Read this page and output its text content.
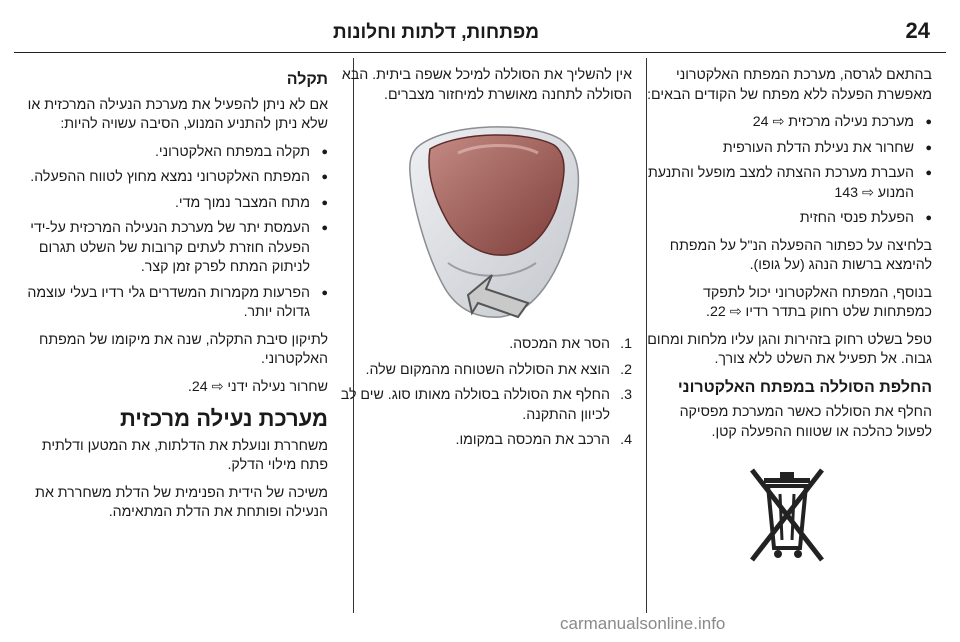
24
מפתחות, דלתות וחלונות

בהתאם לגרסה, מערכת המפתח האלקטרוני מאפשרת הפעלה ללא מפתח של הקודים הבאים:

● מערכת נעילה מרכזית ⇨ 24
● שחרור את נעילת הדלת העורפית
● העברת מערכת ההצתה למצב מופעל והתנעת המנוע ⇨ 143
● הפעלת פנסי החזית

בלחיצה על כפתור ההפעלה הנ"ל על המפתח להימצא ברשות הנהג (על גופו).

בנוסף, המפתח האלקטרוני יכול לתפקד כמפתחות שלט רחוק בתדר רדיו ⇨ 22.

טפל בשלט רחוק בזהירות והגן עליו מלחות ומחום גבוה. אל תפעיל את השלט ללא צורך.

החלפת הסוללה במפתח האלקטרוני

החלף את הסוללה כאשר המערכת מפסיקה לפעול כהלכה או שטווח ההפעלה קטן.

אין להשליך את הסוללה למיכל אשפה ביתית. הבא הסוללה לתחנה מאושרת למיחזור מצברים.

1.
הסר את המכסה.
2.
הוצא את הסוללה השטוחה מהמקום שלה.
3.
החלף את הסוללה בסוללה מאותו סוג. שים לב לכיוון ההתקנה.
4.
הרכב את המכסה במקומו.
תקלה

אם לא ניתן להפעיל את מערכת הנעילה המרכזית או שלא ניתן להתניע המנוע, הסיבה עשויה להיות:

● תקלה במפתח האלקטרוני.
● המפתח האלקטרוני נמצא מחוץ לטווח ההפעלה.
● מתח המצבר נמוך מדי.
● העמסת יתר של מערכת הנעילה המרכזית על-ידי הפעלה חוזרת לעתים קרובות של השלט תגרום לניתוק המתח לפרק זמן קצר.
● הפרעות מקמרות המשדרים גלי רדיו בעלי עוצמה גדולה יותר.

לתיקון סיבת התקלה, שנה את מיקומו של המפתח האלקטרוני.

שחרור נעילה ידני ⇨ 24.

מערכת נעילה מרכזית

משחררת ונועלת את הדלתות, את המטען ודלתית פתח מילוי הדלק.

משיכה של הידית הפנימית של הדלת משחררת את הנעילה ופותחת את הדלת המתאימה.

carmanualsonline.info
